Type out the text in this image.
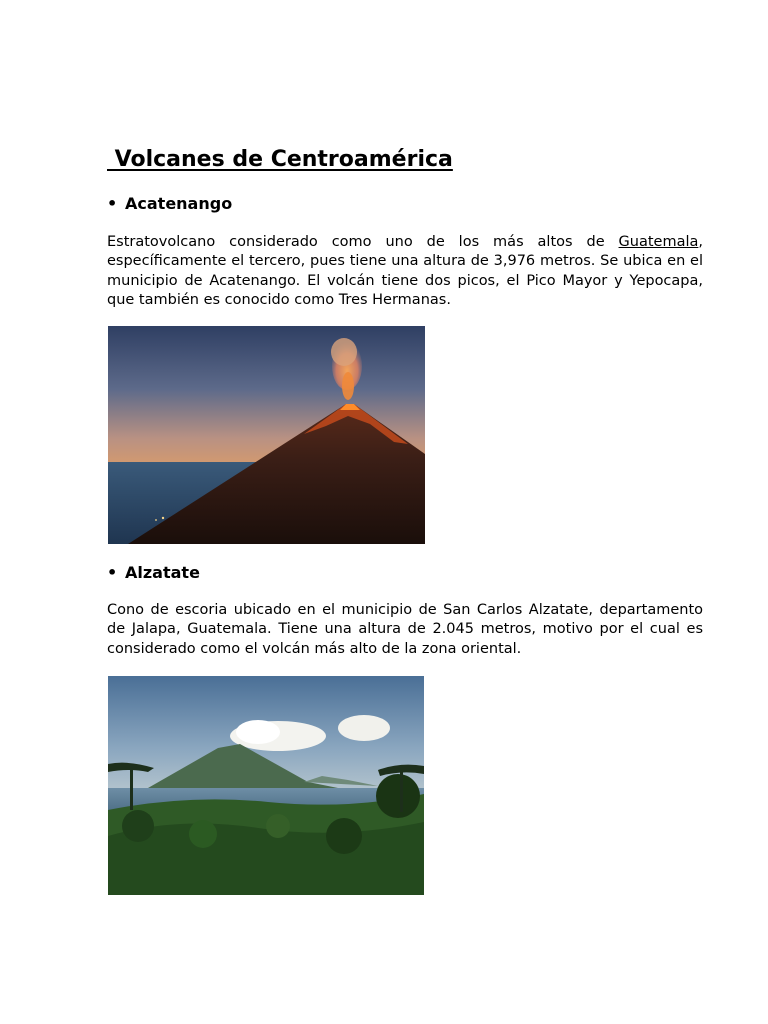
Volcanes de Centroamérica
• Acatenango

Estratovolcano considerado como uno de los más altos de Guatemala, específicamente el tercero, pues tiene una altura de 3,976 metros. Se ubica en el municipio de Acatenango. El volcán tiene dos picos, el Pico Mayor y Yepocapa, que también es conocido como Tres Hermanas.

• Alzatate

Cono de escoria ubicado en el municipio de San Carlos Alzatate, departamento de Jalapa, Guatemala. Tiene una altura de 2.045 metros, motivo por el cual es considerado como el volcán más alto de la zona oriental.
